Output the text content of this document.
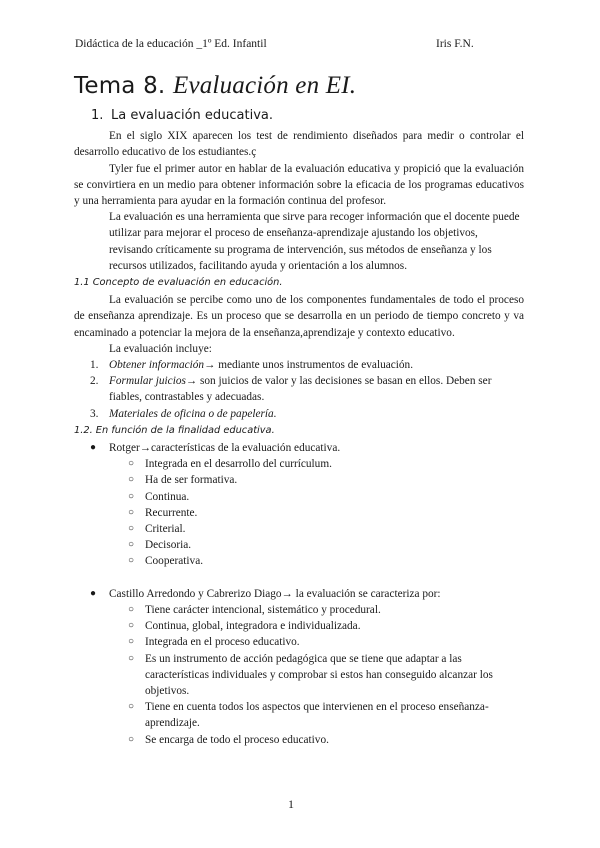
Didáctica de la educación _1º Ed. Infantil	Iris F.N.
Tema 8. Evaluación en EI.
1. La evaluación educativa.

En el siglo XIX aparecen los test de rendimiento diseñados para medir o controlar el desarrollo educativo de los estudiantes.ç

Tyler fue el primer autor en hablar de la evaluación educativa y propició que la evaluación se convirtiera en un medio para obtener información sobre la eficacia de los programas educativos y una herramienta para ayudar en la formación continua del profesor.

La evaluación es una herramienta que sirve para recoger información que el docente puede utilizar para mejorar el proceso de enseñanza-aprendizaje ajustando los objetivos, revisando críticamente su programa de intervención, sus métodos de enseñanza y los recursos utilizados, facilitando ayuda y orientación a los alumnos.

1.1 Concepto de evaluación en educación.

La evaluación se percibe como uno de los componentes fundamentales de todo el proceso de enseñanza aprendizaje. Es un proceso que se desarrolla en un periodo de tiempo concreto y va encaminado a potenciar la mejora de la enseñanza,aprendizaje y contexto educativo.

La evaluación incluye:

1. Obtener información→ mediante unos instrumentos de evaluación.
2. Formular juicios→ son juicios de valor y las decisiones se basan en ellos. Deben ser fiables, contrastables y adecuadas.
3. Materiales de oficina o de papelería.
1.2. En función de la finalidad educativa.
● Rotger→características de la evaluación educativa.
○ Integrada en el desarrollo del currículum.
○ Ha de ser formativa.
○ Continua.
○ Recurrente.
○ Criterial.
○ Decisoria.
○ Cooperativa.
● Castillo Arredondo y Cabrerizo Diago→ la evaluación se caracteriza por:
○ Tiene carácter intencional, sistemático y procedural.
○ Continua, global, integradora e individualizada.
○ Integrada en el proceso educativo.
○ Es un instrumento de acción pedagógica que se tiene que adaptar a las características individuales y comprobar si estos han conseguido alcanzar los objetivos.
○ Tiene en cuenta todos los aspectos que intervienen en el proceso enseñanza-aprendizaje.
○ Se encarga de todo el proceso educativo.
1
